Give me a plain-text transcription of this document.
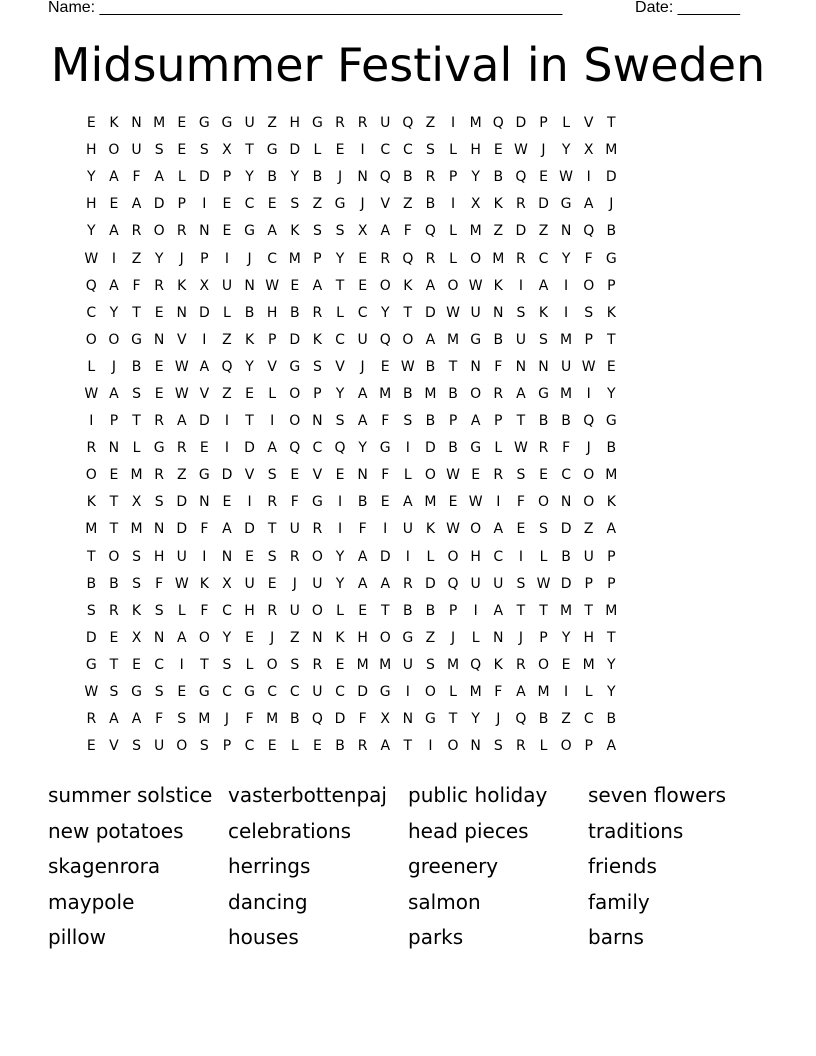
Name: ____________________________________________________	Date: _______
Midsummer Festival in Sweden
E K N M E G G U Z H G R R U Q Z	I	M Q D P	L V T
H O U S E S X T G D L	E	I	C C S	L H E W J	Y X M
Y A F A L D P	Y B Y B	J	N Q B R P	Y B Q E W I	D
H E A D P	I	E C E S Z G	J	V Z B	I	X K R D G A	J
Y A R O R N E G A K S S X A F Q L M Z D Z N Q B
W I	Z Y	J	P	I	J	C M P	Y E R Q R L O M R C Y	F G
Q A F R K X U N W E A T E O K A O W K	I	A	I	O P
C Y	T E N D L B H B R L C Y	T D W U N S K	I	S K
O O G N V	I	Z K P D K C U Q O A M G B U S M P	T
L	J	B E W A Q Y V G S V	J	E W B T N F N N U W E
W A S E W V Z E	L O P	Y A M B M B O R A G M	I	Y
I	P	T R A D	I	T	I	O N S A F	S B P A P	T B B Q G
R N L G R E	I	D A Q C Q Y G	I	D B G L W R F	J	B
O E M R Z G D V S E V E N F	L O W E R S E C O M
K T X S D N E	I	R F G	I	B E A M E W I	F O N O K
M T M N D F A D T U R	I	F	I	U K W O A E S D Z A
T O S H U	I	N E S R O Y A D	I	L O H C	I	L B U P
B B S	F W K X U E	J	U Y A A R D Q U U S W D P	P
S R K S	L	F C H R U O L	E T B B P	I	A T	T M T M
D E X N A O Y E	J	Z N K H O G Z	J	L N	J	P	Y H T
G T E C	I	T S	L O S R E M M U S M Q K R O E M Y
W S G S E G C G C C U C D G	I	O L M F A M	I	L	Y
R A A F	S M	J	F M B Q D F X N G T	Y	J	Q B Z C B
E V S U O S P C E	L	E B R A T	I	O N S R L O P A
summer solstice
new potatoes
skagenrora
maypole
pillow
vasterbottenpaj
celebrations
herrings
dancing
houses
public holiday
head pieces
greenery
salmon
parks
seven flowers
traditions
friends
family
barns
